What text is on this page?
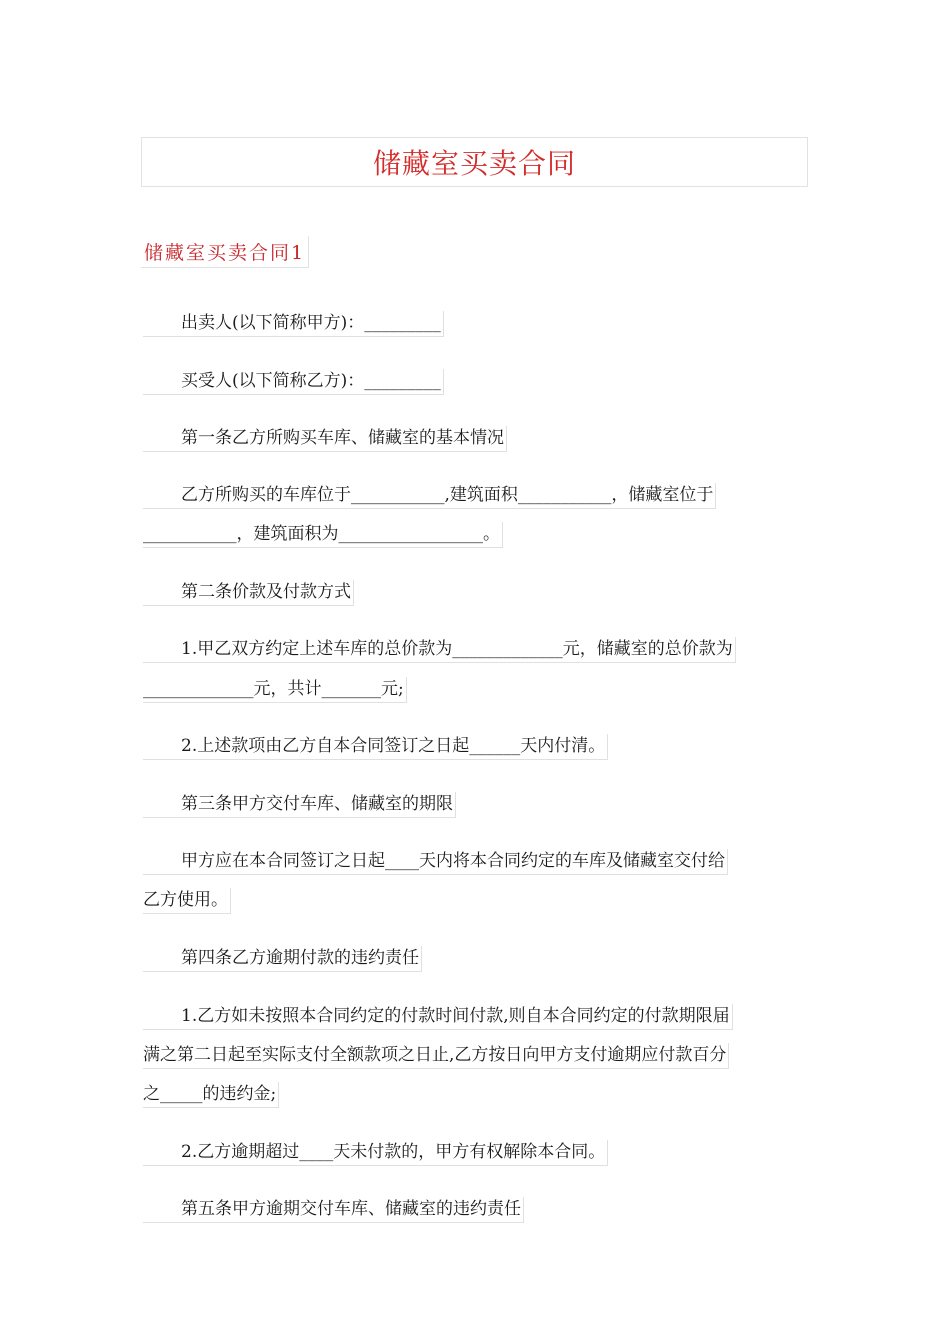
储藏室买卖合同
储藏室买卖合同1
出卖人(以下简称甲方)：_________
买受人(以下简称乙方)：_________
第一条乙方所购买车库、储藏室的基本情况
乙方所购买的车库位于___________,建筑面积___________，储藏室位于
___________，建筑面积为_________________。
第二条价款及付款方式
1.甲乙双方约定上述车库的总价款为_____________元，储藏室的总价款为
_____________元，共计_______元;
2.上述款项由乙方自本合同签订之日起______天内付清。
第三条甲方交付车库、储藏室的期限
甲方应在本合同签订之日起____天内将本合同约定的车库及储藏室交付给
乙方使用。
第四条乙方逾期付款的违约责任
1.乙方如未按照本合同约定的付款时间付款,则自本合同约定的付款期限届
满之第二日起至实际支付全额款项之日止,乙方按日向甲方支付逾期应付款百分
之_____的违约金;
2.乙方逾期超过____天未付款的，甲方有权解除本合同。
第五条甲方逾期交付车库、储藏室的违约责任
